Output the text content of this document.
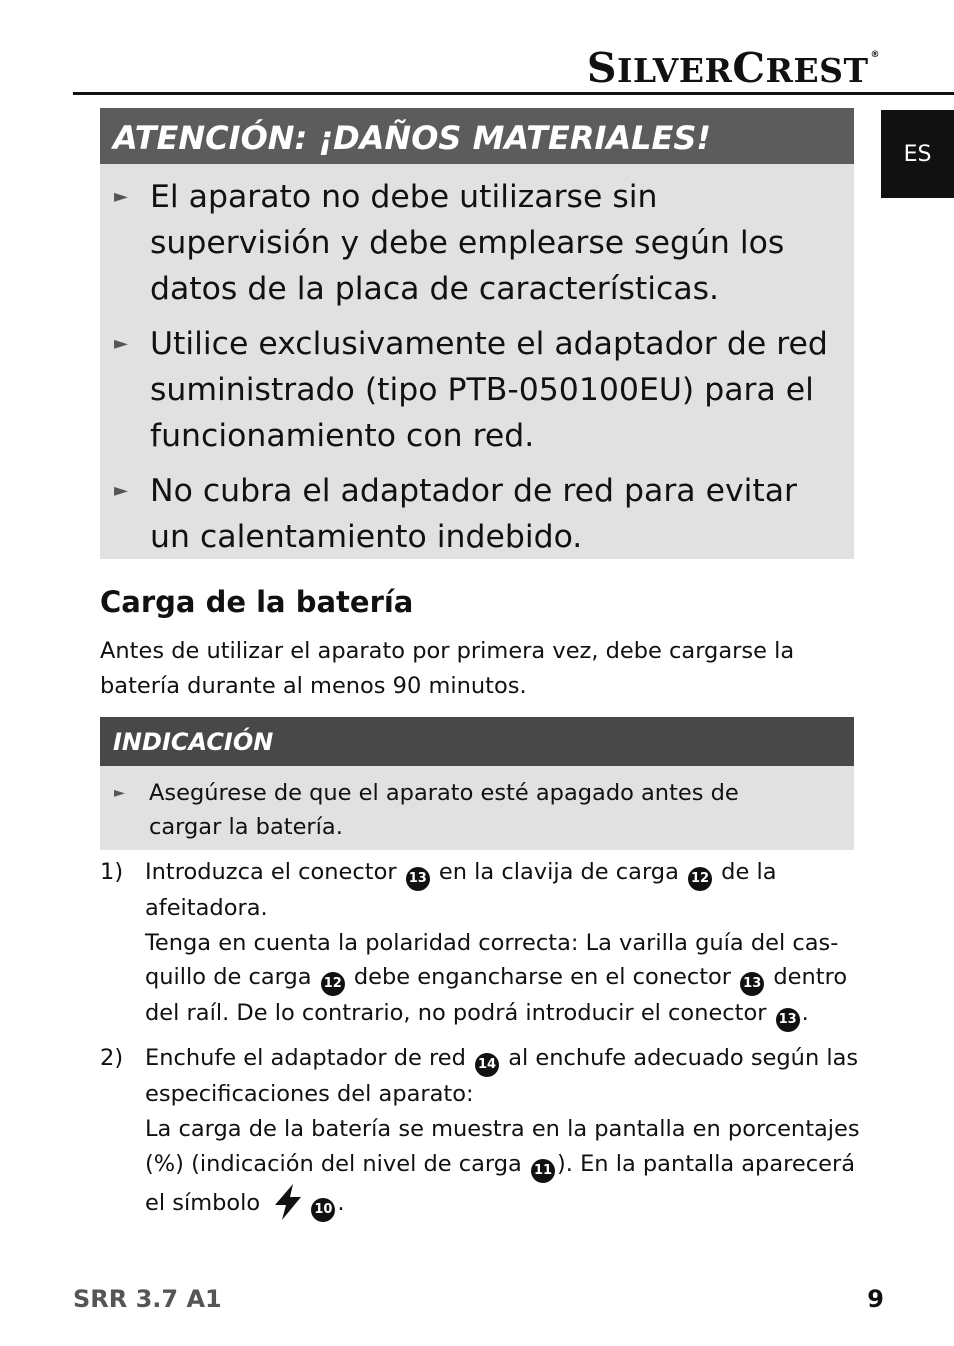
SILVERCREST ®
ES
ATENCIÓN: ¡DAÑOS MATERIALES!
► El aparato no debe utilizarse sin supervisión y debe emplearse según los datos de la placa de características.
► Utilice exclusivamente el adaptador de red suministrado (tipo PTB-050100EU) para el funcionamiento con red.
► No cubra el adaptador de red para evitar un calentamiento indebido.
Carga de la batería
Antes de utilizar el aparato por primera vez, debe cargarse la batería durante al menos 90 minutos.
INDICACIÓN
► Asegúrese de que el aparato esté apagado antes de cargar la batería.
1) Introduzca el conector 13 en la clavija de carga 12 de la afeitadora.

Tenga en cuenta la polaridad correcta: La varilla guía del cas-quillo de carga 12 debe engancharse en el conector 13 dentro del raíl. De lo contrario, no podrá introducir el conector 13 .

2) Enchufe el adaptador de red 14 al enchufe adecuado según las especificaciones del aparato:

La carga de la batería se muestra en la pantalla en porcentajes (%) (indicación del nivel de carga 11 ). En la pantalla aparecerá el símbolo	10 .

SRR 3.7 A1	9
